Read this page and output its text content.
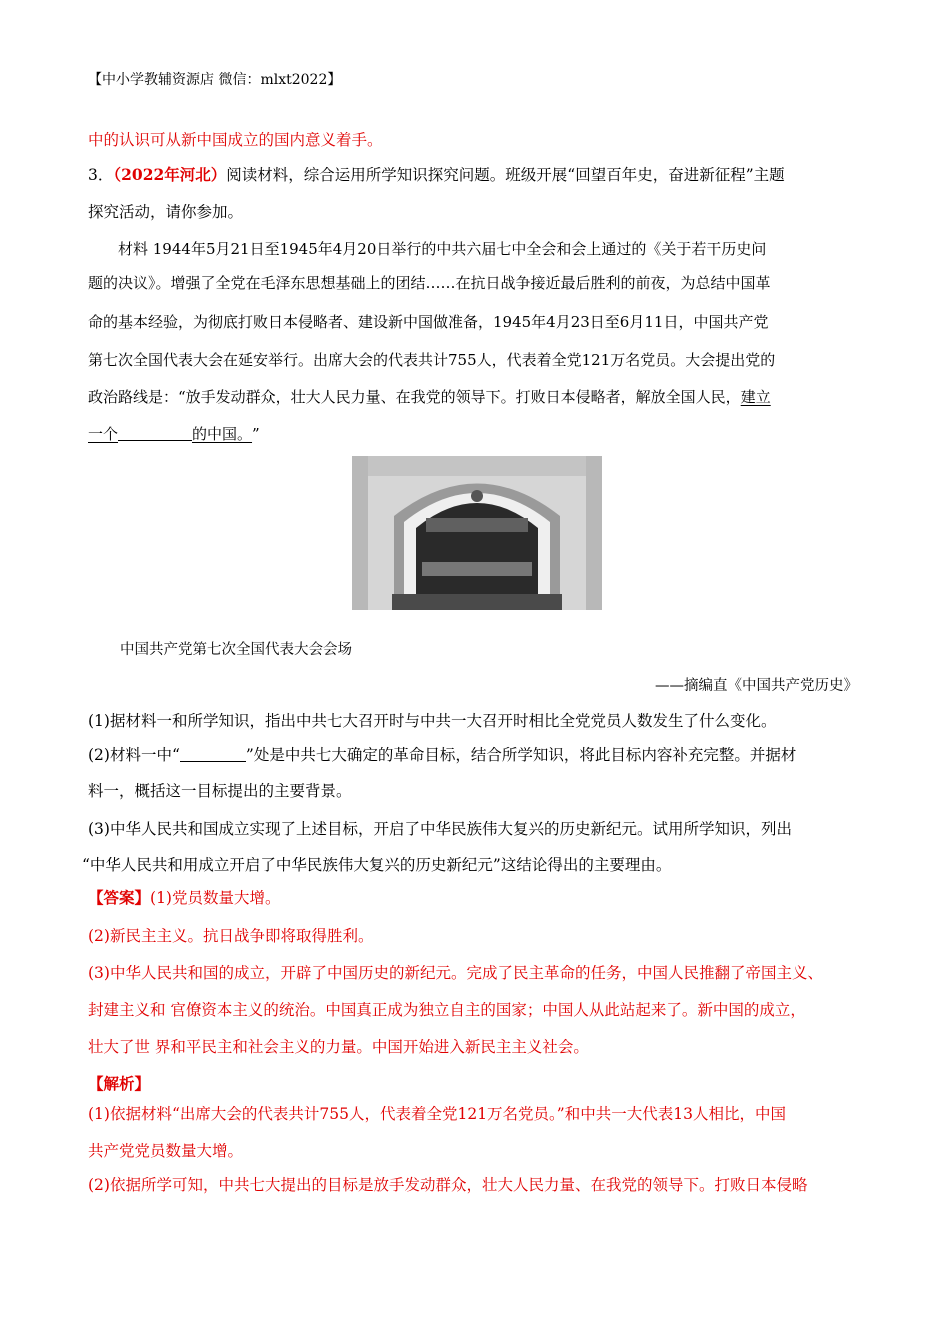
【中小学教辅资源店 微信：mlxt2022】
中的认识可从新中国成立的国内意义着手。
3．（2022年河北）阅读材料，综合运用所学知识探究问题。班级开展“回望百年史，奋进新征程”主题
探究活动，请你参加。
材料 1944年5月21日至1945年4月20日举行的中共六届七中全会和会上通过的《关于若干历史问
题的决议》。增强了全党在毛泽东思想基础上的团结……在抗日战争接近最后胜利的前夜，为总结中国革
命的基本经验，为彻底打败日本侵略者、建设新中国做准备，1945年4月23日至6月11日，中国共产党
第七次全国代表大会在延安举行。出席大会的代表共计755人，代表着全党121万名党员。大会提出党的
政治路线是：“放手发动群众，壮大人民力量、在我党的领导下。打败日本侵略者，解放全国人民，建立
一个	的中国。”
中国共产党第七次全国代表大会会场
——摘编直《中国共产党历史》
(1)据材料一和所学知识，指出中共七大召开时与中共一大召开时相比全党党员人数发生了什么变化。
(2)材料一中“	”处是中共七大确定的革命目标，结合所学知识，将此目标内容补充完整。并据材
料一，概括这一目标提出的主要背景。
(3)中华人民共和国成立实现了上述目标，开启了中华民族伟大复兴的历史新纪元。试用所学知识，列出
“中华人民共和用成立开启了中华民族伟大复兴的历史新纪元”这结论得出的主要理由。
【答案】(1)党员数量大增。
(2)新民主主义。抗日战争即将取得胜利。
(3)中华人民共和国的成立，开辟了中国历史的新纪元。完成了民主革命的任务，中国人民推翻了帝国主义、
封建主义和 官僚资本主义的统治。中国真正成为独立自主的国家；中国人从此站起来了。新中国的成立，
壮大了世 界和平民主和社会主义的力量。中国开始进入新民主主义社会。
【解析】
(1)依据材料“出席大会的代表共计755人，代表着全党121万名党员。”和中共一大代表13人相比，中国
共产党党员数量大增。
(2)依据所学可知，中共七大提出的目标是放手发动群众，壮大人民力量、在我党的领导下。打败日本侵略
